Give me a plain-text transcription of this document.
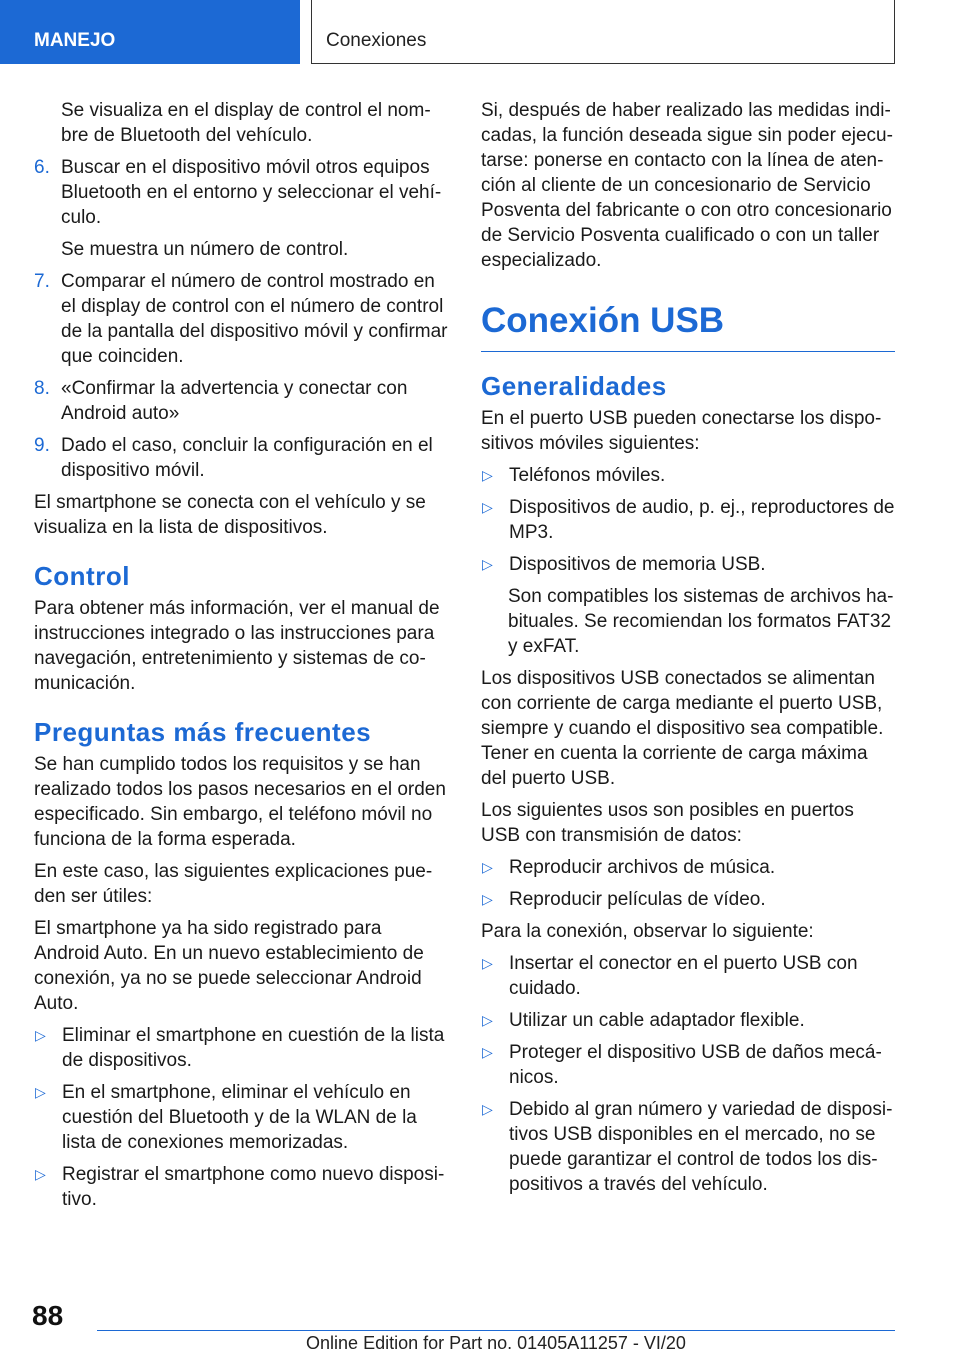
MANEJO	Conexiones

Se visualiza en el display de control el nombre de Bluetooth del vehículo.

6. Buscar en el dispositivo móvil otros equipos Bluetooth en el entorno y seleccionar el vehículo.

Se muestra un número de control.

7. Comparar el número de control mostrado en el display de control con el número de control de la pantalla del dispositivo móvil y confirmar que coinciden.
8. «Confirmar la advertencia y conectar con Android auto»
9. Dado el caso, concluir la configuración en el dispositivo móvil.

El smartphone se conecta con el vehículo y se visualiza en la lista de dispositivos.

Control

Para obtener más información, ver el manual de instrucciones integrado o las instrucciones para navegación, entretenimiento y sistemas de comunicación.

Preguntas más frecuentes

Se han cumplido todos los requisitos y se han realizado todos los pasos necesarios en el orden especificado. Sin embargo, el teléfono móvil no funciona de la forma esperada.

En este caso, las siguientes explicaciones pueden ser útiles:

El smartphone ya ha sido registrado para Android Auto. En un nuevo establecimiento de conexión, ya no se puede seleccionar Android Auto.

▷ Eliminar el smartphone en cuestión de la lista de dispositivos.
▷ En el smartphone, eliminar el vehículo en cuestión del Bluetooth y de la WLAN de la lista de conexiones memorizadas.
▷ Registrar el smartphone como nuevo dispositivo.

Si, después de haber realizado las medidas indicadas, la función deseada sigue sin poder ejecutarse: ponerse en contacto con la línea de atención al cliente de un concesionario de Servicio Posventa del fabricante o con otro concesionario de Servicio Posventa cualificado o con un taller especializado.

Conexión USB
Generalidades

En el puerto USB pueden conectarse los dispositivos móviles siguientes:

▷ Teléfonos móviles.
▷ Dispositivos de audio, p. ej., reproductores de MP3.
▷ Dispositivos de memoria USB.

Son compatibles los sistemas de archivos habituales. Se recomiendan los formatos FAT32 y exFAT.

Los dispositivos USB conectados se alimentan con corriente de carga mediante el puerto USB, siempre y cuando el dispositivo sea compatible. Tener en cuenta la corriente de carga máxima del puerto USB.

Los siguientes usos son posibles en puertos USB con transmisión de datos:

▷ Reproducir archivos de música.
▷ Reproducir películas de vídeo.

Para la conexión, observar lo siguiente:

▷ Insertar el conector en el puerto USB con cuidado.
▷ Utilizar un cable adaptador flexible.
▷ Proteger el dispositivo USB de daños mecánicos.
▷ Debido al gran número y variedad de dispositivos USB disponibles en el mercado, no se puede garantizar el control de todos los dispositivos a través del vehículo.
88
Online Edition for Part no. 01405A11257 - VI/20
